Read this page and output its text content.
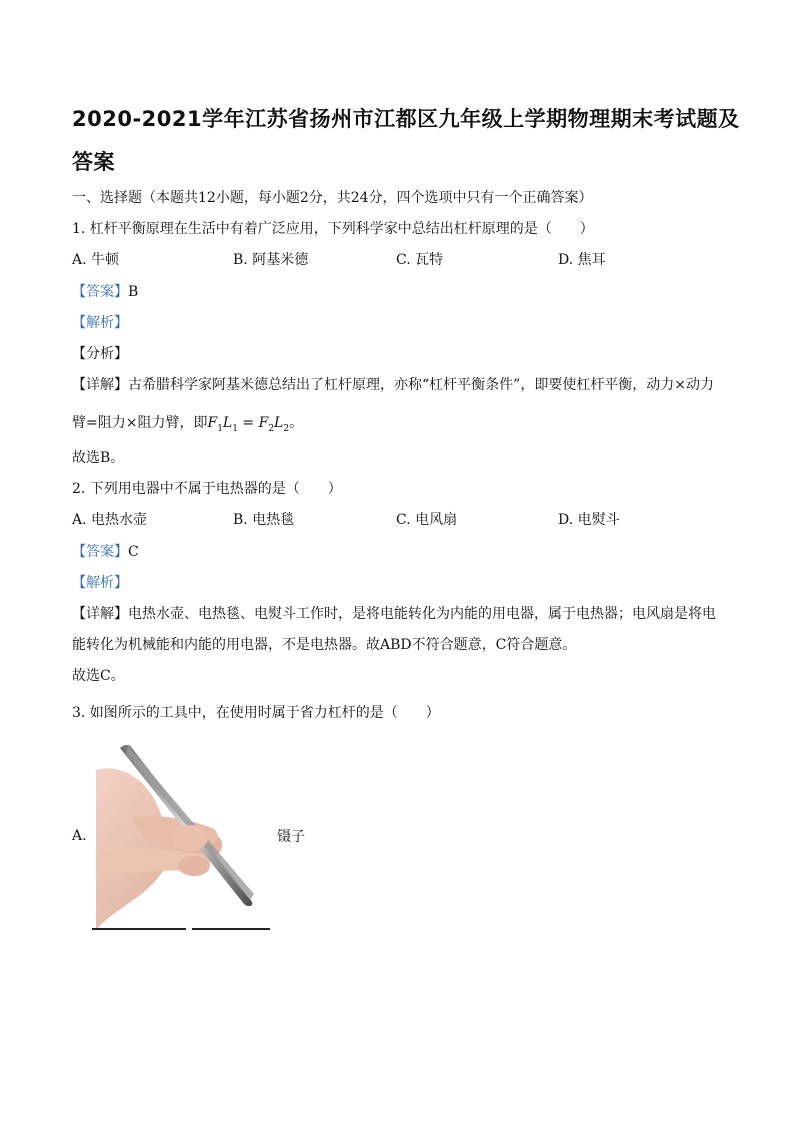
2020-2021学年江苏省扬州市江都区九年级上学期物理期末考试题及
答案
一、选择题（本题共12小题，每小题2分，共24分，四个选项中只有一个正确答案）
1. 杠杆平衡原理在生活中有着广泛应用，下列科学家中总结出杠杆原理的是（　　）
A. 牛顿	B. 阿基米德	C. 瓦特	D. 焦耳
【答案】B
【解析】
【分析】
【详解】古希腊科学家阿基米德总结出了杠杆原理，亦称“杠杆平衡条件”，即要使杠杆平衡，动力×动力
臂=阻力×阻力臂，即$F_1L_1 = F_2L_2$。
故选B。
2. 下列用电器中不属于电热器的是（　　）
A. 电热水壶	B. 电热毯	C. 电风扇	D. 电熨斗
【答案】C
【解析】
【详解】电热水壶、电热毯、电熨斗工作时，是将电能转化为内能的用电器，属于电热器；电风扇是将电
能转化为机械能和内能的用电器，不是电热器。故ABD不符合题意，C符合题意。
故选C。
3. 如图所示的工具中，在使用时属于省力杠杆的是（　　）
A.	镊子
